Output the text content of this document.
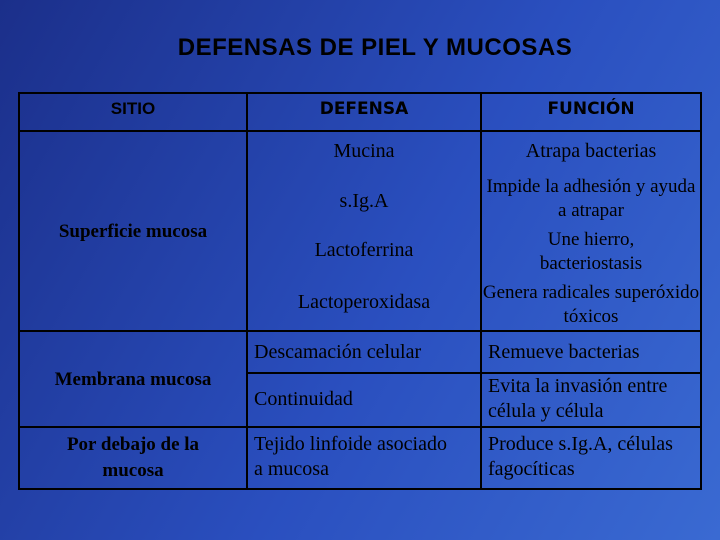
DEFENSAS DE PIEL Y MUCOSAS
SITIO	DEFENSA	FUNCIÓN
Superficie mucosa
Membrana mucosa
Por debajo de la mucosa
Mucina
s.Ig.A
Lactoferrina
Lactoperoxidasa
Descamación celular
Continuidad
Tejido linfoide asociado a mucosa
Atrapa bacterias
Impide la adhesión y ayuda a atrapar
Une hierro, bacteriostasis
Genera radicales superóxido tóxicos
Remueve bacterias
Evita la invasión entre célula y célula
Produce s.Ig.A, células fagocíticas
